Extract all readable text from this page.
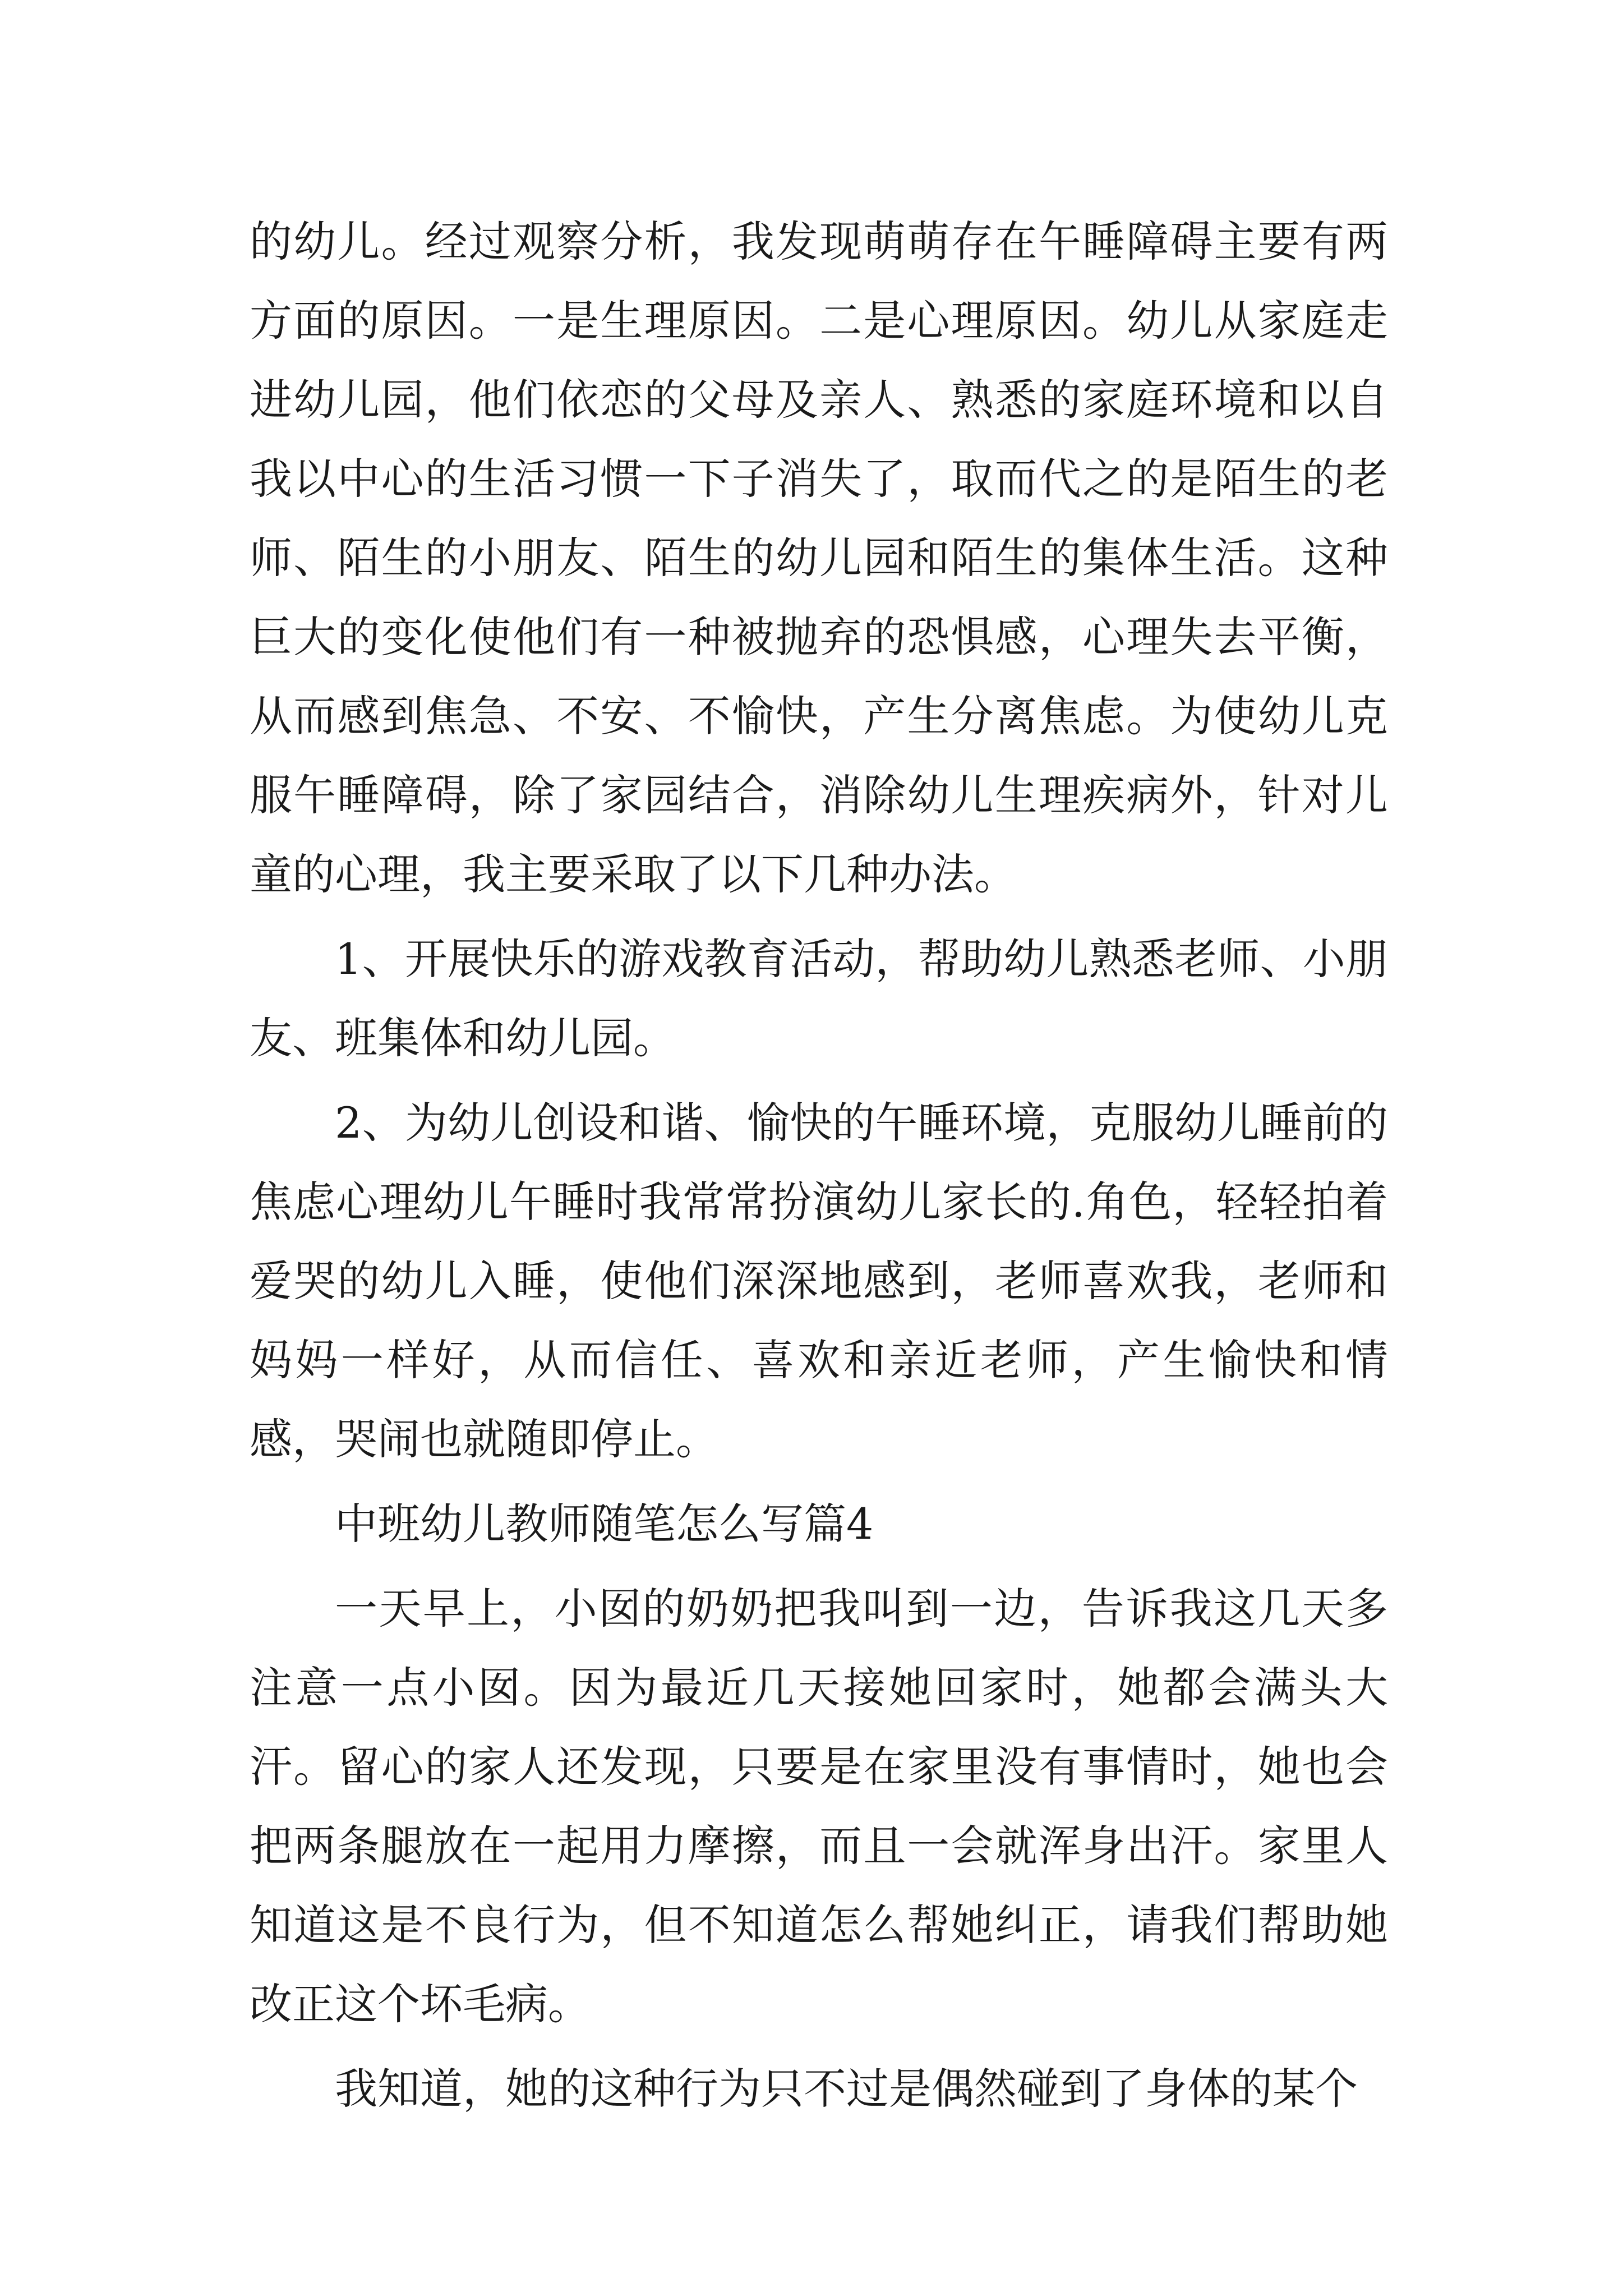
的幼儿。经过观察分析，我发现萌萌存在午睡障碍主要有两方面的原因。一是生理原因。二是心理原因。幼儿从家庭走进幼儿园，他们依恋的父母及亲人、熟悉的家庭环境和以自我以中心的生活习惯一下子消失了，取而代之的是陌生的老师、陌生的小朋友、陌生的幼儿园和陌生的集体生活。这种巨大的变化使他们有一种被抛弃的恐惧感，心理失去平衡，从而感到焦急、不安、不愉快，产生分离焦虑。为使幼儿克服午睡障碍，除了家园结合，消除幼儿生理疾病外，针对儿童的心理，我主要采取了以下几种办法。

1、开展快乐的游戏教育活动，帮助幼儿熟悉老师、小朋友、班集体和幼儿园。

2、为幼儿创设和谐、愉快的午睡环境，克服幼儿睡前的焦虑心理幼儿午睡时我常常扮演幼儿家长的.角色，轻轻拍着爱哭的幼儿入睡，使他们深深地感到，老师喜欢我，老师和妈妈一样好，从而信任、喜欢和亲近老师，产生愉快和情感，哭闹也就随即停止。

中班幼儿教师随笔怎么写篇4

一天早上，小囡的奶奶把我叫到一边，告诉我这几天多注意一点小囡。因为最近几天接她回家时，她都会满头大汗。留心的家人还发现，只要是在家里没有事情时，她也会把两条腿放在一起用力摩擦，而且一会就浑身出汗。家里人知道这是不良行为，但不知道怎么帮她纠正，请我们帮助她改正这个坏毛病。

我知道，她的这种行为只不过是偶然碰到了身体的某个
